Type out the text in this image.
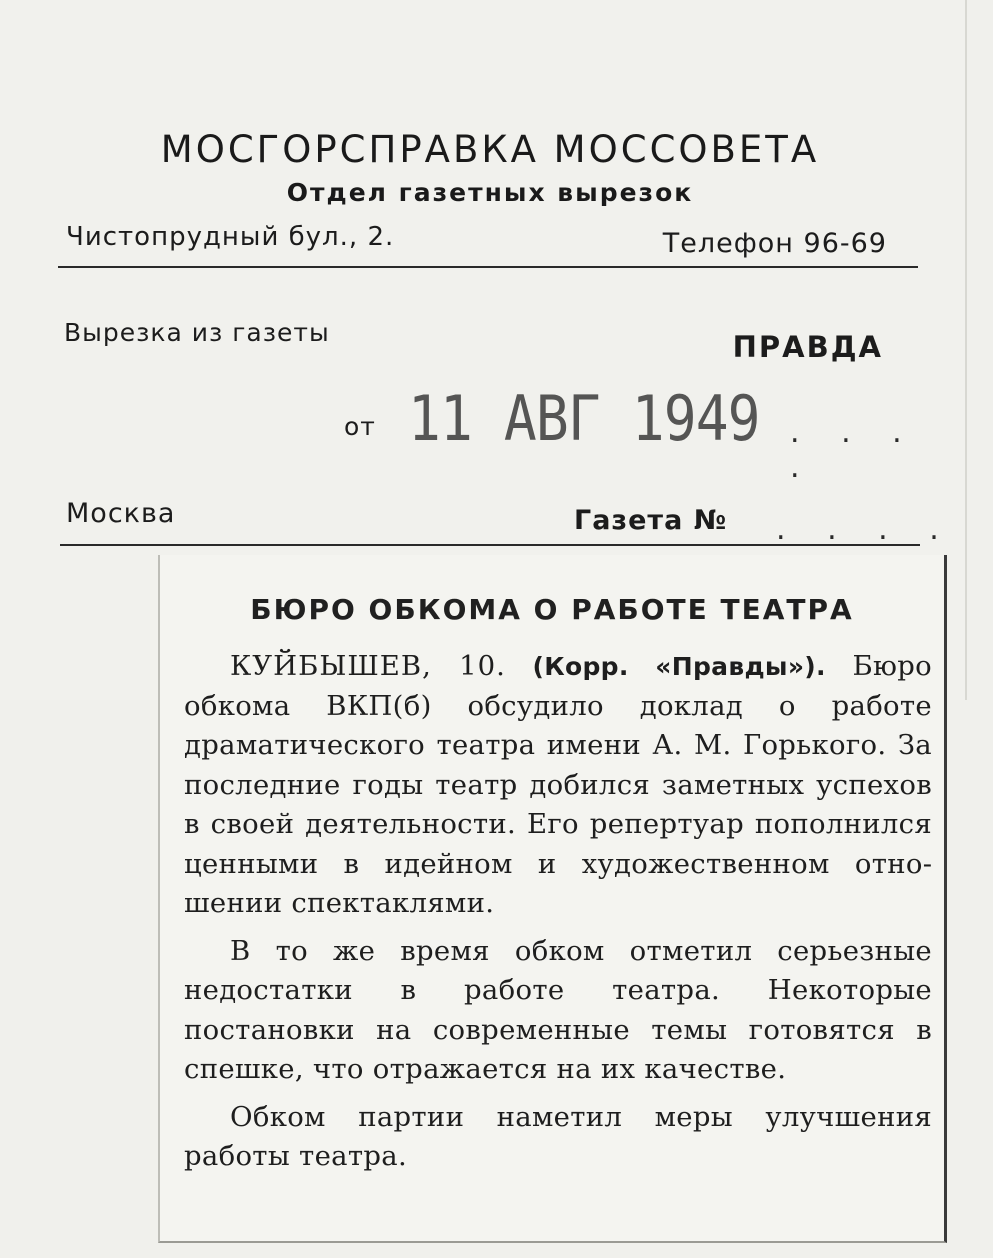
МОСГОРСПРАВКА МОССОВЕТА
Отдел газетных вырезок
Чистопрудный бул., 2.	Телефон 96-69
Вырезка из газеты	ПРАВДА
от 11 АВГ 1949 . . . .
Москва	Газета № . . . .
БЮРО ОБКОМА О РАБОТЕ ТЕАТРА

КУЙБЫШЕВ, 10. (Корр. «Правды»). Бюро обкома ВКП(б) обсудило доклад о работе драматического театра имени А. М. Горького. За последние годы театр добился заметных успехов в своей деятельности. Его репертуар пополнился ценными в идейном и художественном отношении спектаклями.

В то же время обком отметил серьезные недостатки в работе театра. Некоторые постановки на современные темы готовятся в спешке, что отражается на их качестве.

Обком партии наметил меры улучшения работы театра.
